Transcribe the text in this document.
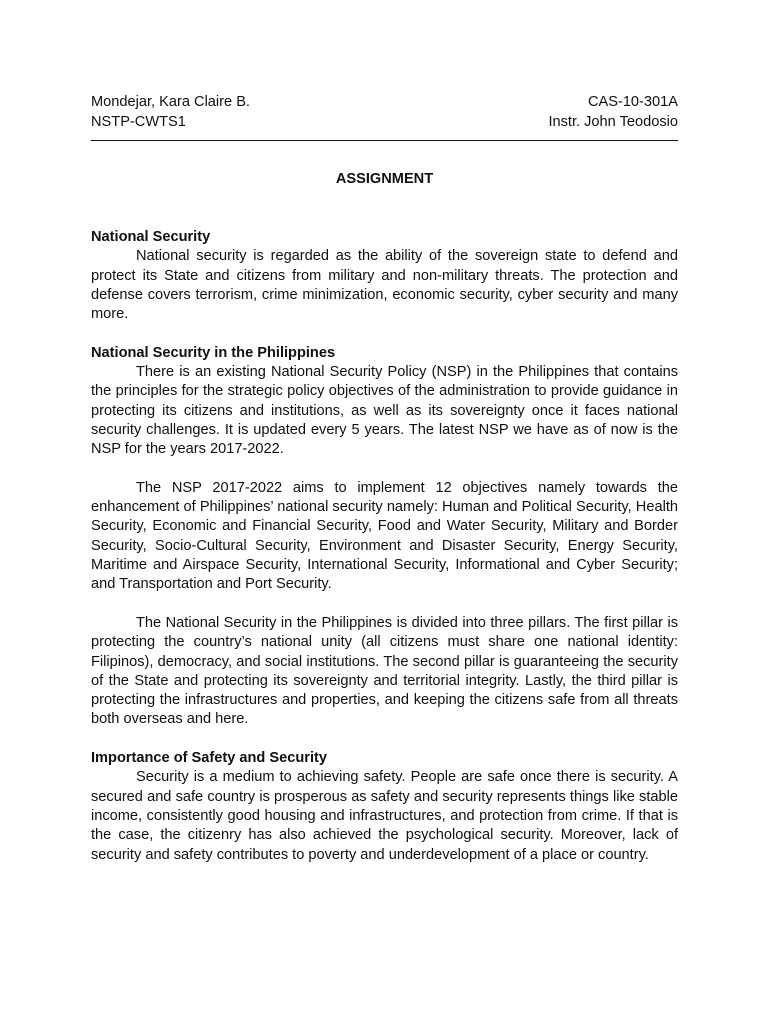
Mondejar, Kara Claire B.	CAS-10-301A
NSTP-CWTS1	Instr. John Teodosio
ASSIGNMENT

National Security

National security is regarded as the ability of the sovereign state to defend and protect its State and citizens from military and non-military threats. The protection and defense covers terrorism, crime minimization, economic security, cyber security and many more.

National Security in the Philippines

There is an existing National Security Policy (NSP) in the Philippines that contains the principles for the strategic policy objectives of the administration to provide guidance in protecting its citizens and institutions, as well as its sovereignty once it faces national security challenges. It is updated every 5 years. The latest NSP we have as of now is the NSP for the years 2017-2022.

The NSP 2017-2022 aims to implement 12 objectives namely towards the enhancement of Philippines’ national security namely: Human and Political Security, Health Security, Economic and Financial Security, Food and Water Security, Military and Border Security, Socio-Cultural Security, Environment and Disaster Security, Energy Security, Maritime and Airspace Security, International Security, Informational and Cyber Security; and Transportation and Port Security.

The National Security in the Philippines is divided into three pillars. The first pillar is protecting the country’s national unity (all citizens must share one national identity: Filipinos), democracy, and social institutions. The second pillar is guaranteeing the security of the State and protecting its sovereignty and territorial integrity. Lastly, the third pillar is protecting the infrastructures and properties, and keeping the citizens safe from all threats both overseas and here.

Importance of Safety and Security

Security is a medium to achieving safety. People are safe once there is security. A secured and safe country is prosperous as safety and security represents things like stable income, consistently good housing and infrastructures, and protection from crime. If that is the case, the citizenry has also achieved the psychological security. Moreover, lack of security and safety contributes to poverty and underdevelopment of a place or country.
